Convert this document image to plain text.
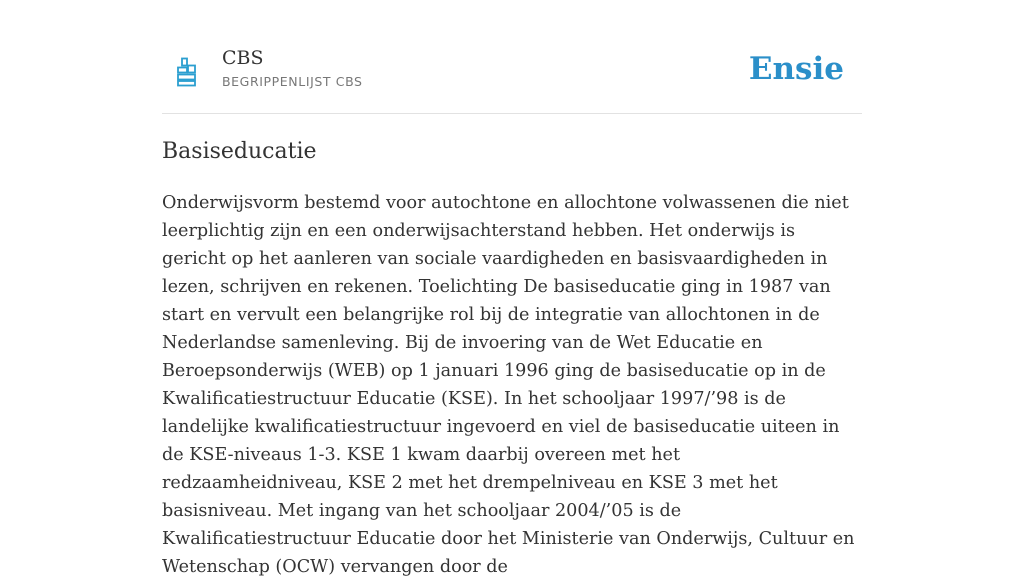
CBS
BEGRIPPENLIJST CBS	Ensie
Basiseducatie

Onderwijsvorm bestemd voor autochtone en allochtone volwassenen die niet leerplichtig zijn en een onderwijsachterstand hebben. Het onderwijs is gericht op het aanleren van sociale vaardigheden en basisvaardigheden in lezen, schrijven en rekenen. Toelichting De basiseducatie ging in 1987 van start en vervult een belangrijke rol bij de integratie van allochtonen in de Nederlandse samenleving. Bij de invoering van de Wet Educatie en Beroepsonderwijs (WEB) op 1 januari 1996 ging de basiseducatie op in de Kwalificatiestructuur Educatie (KSE). In het schooljaar 1997/’98 is de landelijke kwalificatiestructuur ingevoerd en viel de basiseducatie uiteen in de KSE-niveaus 1-3. KSE 1 kwam daarbij overeen met het redzaamheidniveau, KSE 2 met het drempelniveau en KSE 3 met het basisniveau. Met ingang van het schooljaar 2004/’05 is de Kwalificatiestructuur Educatie door het Ministerie van Onderwijs, Cultuur en Wetenschap (OCW) vervangen door de
